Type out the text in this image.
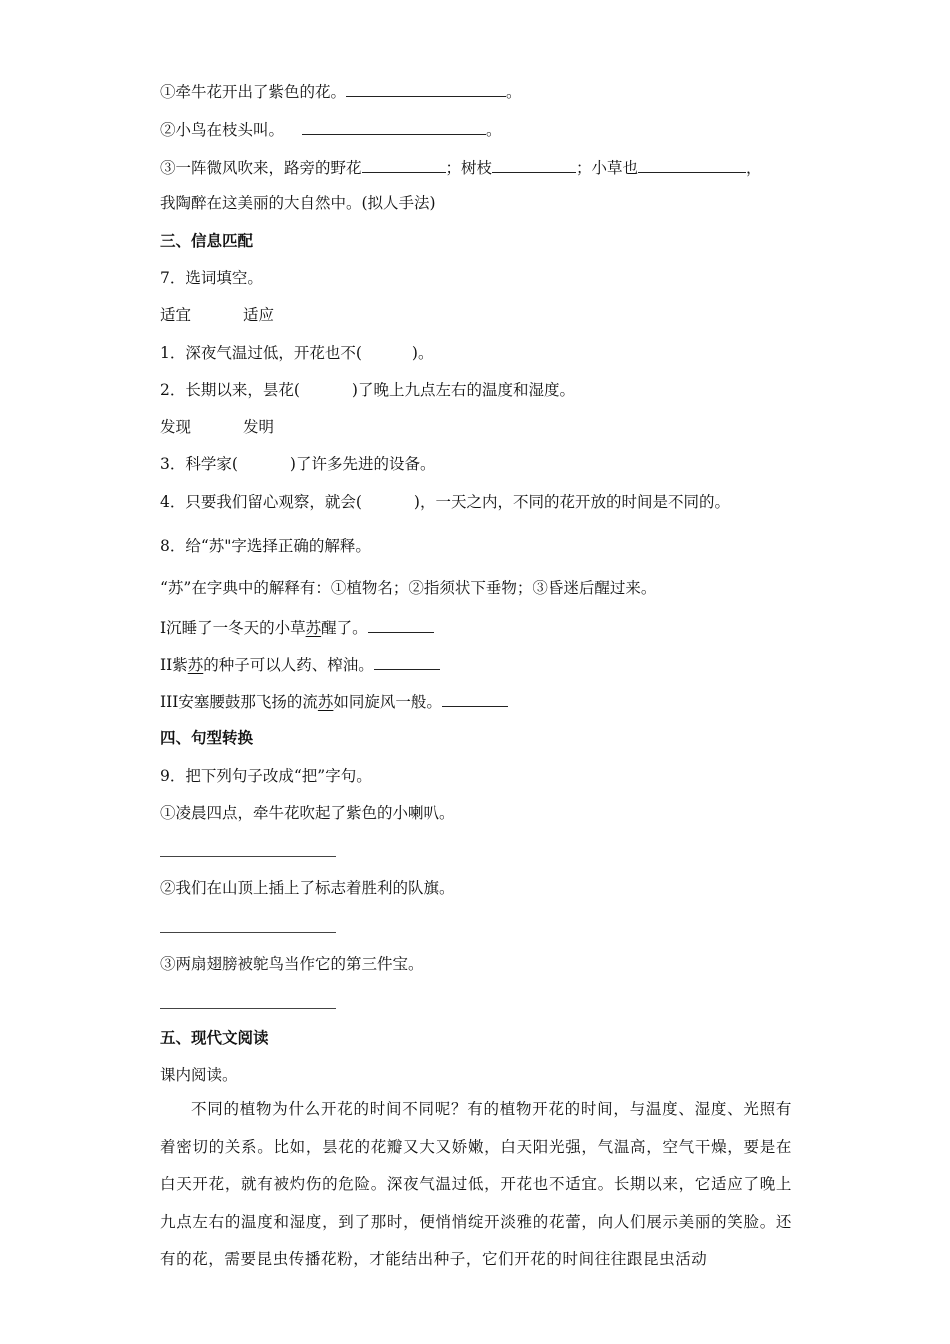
①牵牛花开出了紫色的花。	。
②小鸟在枝头叫。	。
③一阵微风吹来，路旁的野花	；树枝	；小草也	，
我陶醉在这美丽的大自然中。(拟人手法)
三、信息匹配
7．选词填空。
适宜	适应
1．深夜气温过低，开花也不(	)。
2．长期以来，昙花(	)了晚上九点左右的温度和湿度。
发现	发明
3．科学家(	)了许多先进的设备。
4．只要我们留心观察，就会(	)，一天之内，不同的花开放的时间是不同的。
8．给“苏"字选择正确的解释。
“苏”在字典中的解释有：①植物名；②指须状下垂物；③昏迷后醒过来。
I沉睡了一冬天的小草苏醒了。
II紫苏的种子可以人药、榨油。
III安塞腰鼓那飞扬的流苏如同旋风一般。
四、句型转换
9．把下列句子改成“把”字句。
①凌晨四点，牵牛花吹起了紫色的小喇叭。
②我们在山顶上插上了标志着胜利的队旗。
③两扇翅膀被鸵鸟当作它的第三件宝。
五、现代文阅读
课内阅读。
不同的植物为什么开花的时间不同呢？有的植物开花的时间，与温度、湿度、光照有着密切的关系。比如，昙花的花瓣又大又娇嫩，白天阳光强，气温高，空气干燥，要是在白天开花，就有被灼伤的危险。深夜气温过低，开花也不适宜。长期以来，它适应了晚上九点左右的温度和湿度，到了那时，便悄悄绽开淡雅的花蕾，向人们展示美丽的笑脸。还有的花，需要昆虫传播花粉，才能结出种子，它们开花的时间往往跟昆虫活动
